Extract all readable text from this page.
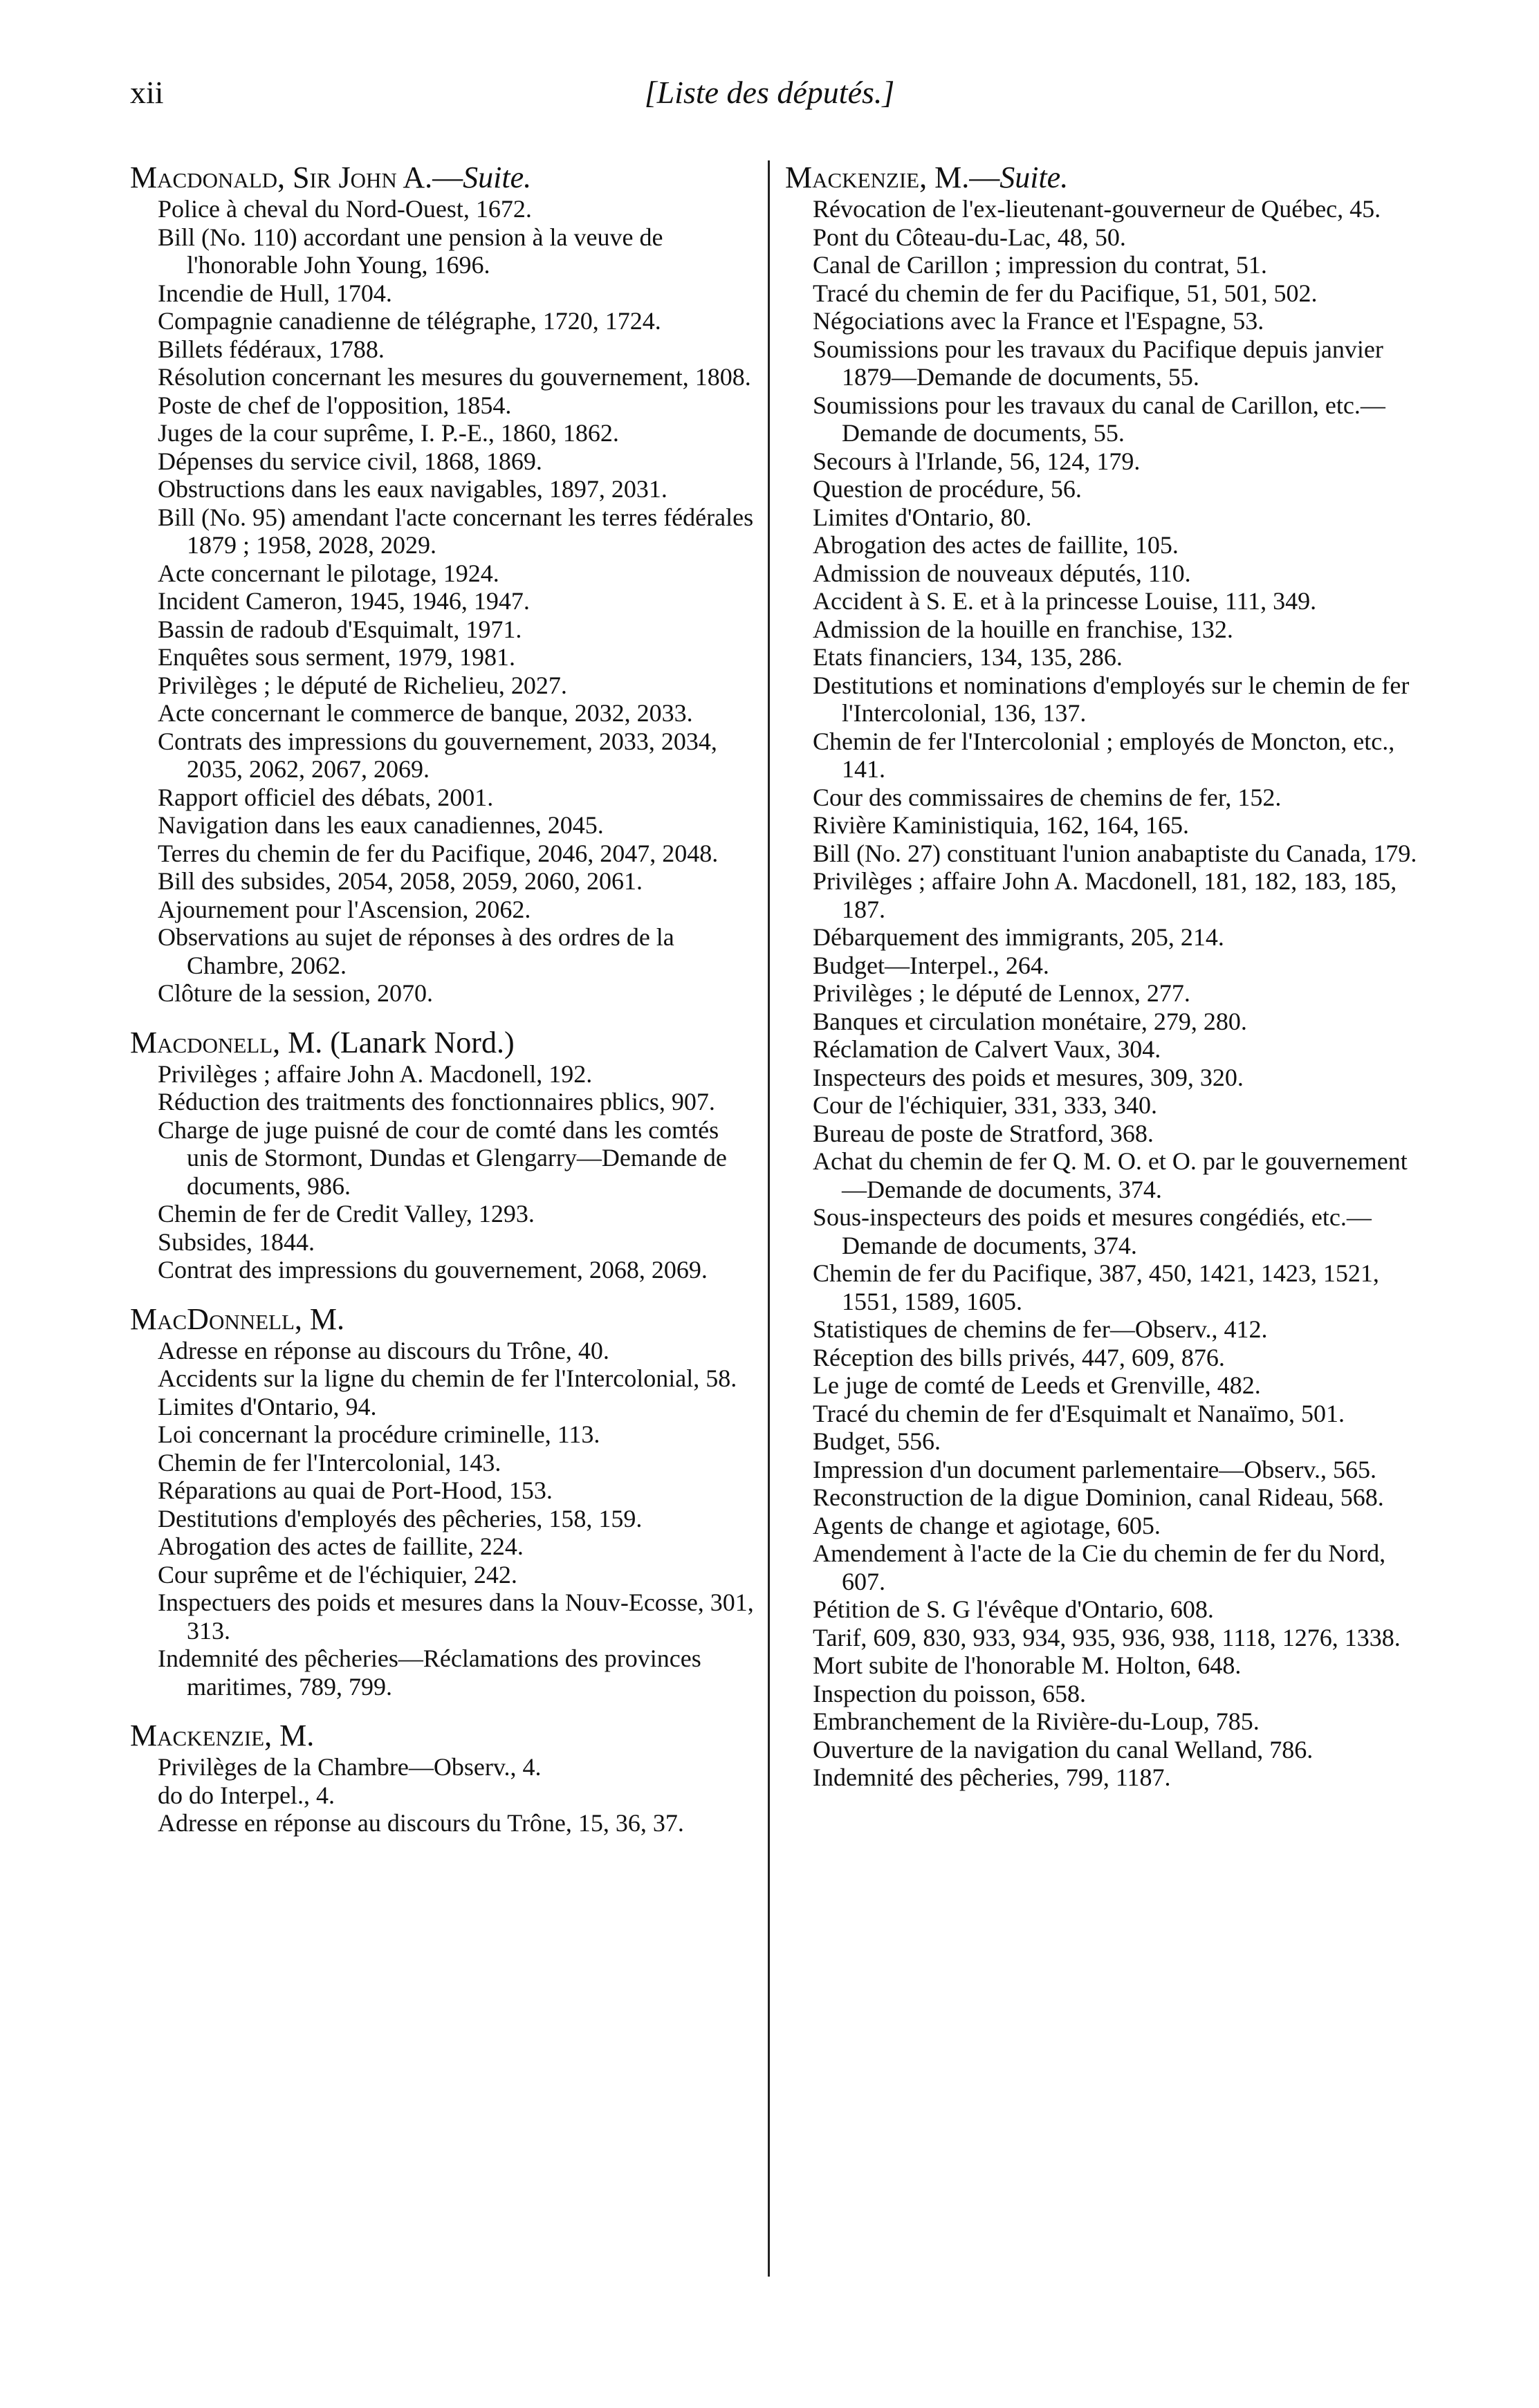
xii	[Liste des députés.]
Macdonald, Sir John A.—Suite.
Police à cheval du Nord-Ouest, 1672.
Bill (No. 110) accordant une pension à la veuve de l'honorable John Young, 1696.
Incendie de Hull, 1704.
Compagnie canadienne de télégraphe, 1720, 1724.
Billets fédéraux, 1788.
Résolution concernant les mesures du gouvernement, 1808.
Poste de chef de l'opposition, 1854.
Juges de la cour suprême, I. P.-E., 1860, 1862.
Dépenses du service civil, 1868, 1869.
Obstructions dans les eaux navigables, 1897, 2031.
Bill (No. 95) amendant l'acte concernant les terres fédérales 1879 ; 1958, 2028, 2029.
Acte concernant le pilotage, 1924.
Incident Cameron, 1945, 1946, 1947.
Bassin de radoub d'Esquimalt, 1971.
Enquêtes sous serment, 1979, 1981.
Privilèges ; le député de Richelieu, 2027.
Acte concernant le commerce de banque, 2032, 2033.
Contrats des impressions du gouvernement, 2033, 2034, 2035, 2062, 2067, 2069.
Rapport officiel des débats, 2001.
Navigation dans les eaux canadiennes, 2045.
Terres du chemin de fer du Pacifique, 2046, 2047, 2048.
Bill des subsides, 2054, 2058, 2059, 2060, 2061.
Ajournement pour l'Ascension, 2062.
Observations au sujet de réponses à des ordres de la Chambre, 2062.
Clôture de la session, 2070.
Macdonell, M. (Lanark Nord.)
Privilèges ; affaire John A. Macdonell, 192.
Réduction des traitments des fonctionnaires pblics, 907.
Charge de juge puisné de cour de comté dans les comtés unis de Stormont, Dundas et Glengarry—Demande de documents, 986.
Chemin de fer de Credit Valley, 1293.
Subsides, 1844.
Contrat des impressions du gouvernement, 2068, 2069.
MacDonnell, M.
Adresse en réponse au discours du Trône, 40.
Accidents sur la ligne du chemin de fer l'Intercolonial, 58.
Limites d'Ontario, 94.
Loi concernant la procédure criminelle, 113.
Chemin de fer l'Intercolonial, 143.
Réparations au quai de Port-Hood, 153.
Destitutions d'employés des pêcheries, 158, 159.
Abrogation des actes de faillite, 224.
Cour suprême et de l'échiquier, 242.
Inspectuers des poids et mesures dans la Nouv-Ecosse, 301, 313.
Indemnité des pêcheries—Réclamations des provinces maritimes, 789, 799.
Mackenzie, M.
Privilèges de la Chambre—Observ., 4.
do do Interpel., 4.
Adresse en réponse au discours du Trône, 15, 36, 37.
Mackenzie, M.—Suite.
Révocation de l'ex-lieutenant-gouverneur de Québec, 45.
Pont du Côteau-du-Lac, 48, 50.
Canal de Carillon ; impression du contrat, 51.
Tracé du chemin de fer du Pacifique, 51, 501, 502.
Négociations avec la France et l'Espagne, 53.
Soumissions pour les travaux du Pacifique depuis janvier 1879—Demande de documents, 55.
Soumissions pour les travaux du canal de Carillon, etc.—Demande de documents, 55.
Secours à l'Irlande, 56, 124, 179.
Question de procédure, 56.
Limites d'Ontario, 80.
Abrogation des actes de faillite, 105.
Admission de nouveaux députés, 110.
Accident à S. E. et à la princesse Louise, 111, 349.
Admission de la houille en franchise, 132.
Etats financiers, 134, 135, 286.
Destitutions et nominations d'employés sur le chemin de fer l'Intercolonial, 136, 137.
Chemin de fer l'Intercolonial ; employés de Moncton, etc., 141.
Cour des commissaires de chemins de fer, 152.
Rivière Kaministiquia, 162, 164, 165.
Bill (No. 27) constituant l'union anabaptiste du Canada, 179.
Privilèges ; affaire John A. Macdonell, 181, 182, 183, 185, 187.
Débarquement des immigrants, 205, 214.
Budget—Interpel., 264.
Privilèges ; le député de Lennox, 277.
Banques et circulation monétaire, 279, 280.
Réclamation de Calvert Vaux, 304.
Inspecteurs des poids et mesures, 309, 320.
Cour de l'échiquier, 331, 333, 340.
Bureau de poste de Stratford, 368.
Achat du chemin de fer Q. M. O. et O. par le gouvernement—Demande de documents, 374.
Sous-inspecteurs des poids et mesures congédiés, etc.—Demande de documents, 374.
Chemin de fer du Pacifique, 387, 450, 1421, 1423, 1521, 1551, 1589, 1605.
Statistiques de chemins de fer—Observ., 412.
Réception des bills privés, 447, 609, 876.
Le juge de comté de Leeds et Grenville, 482.
Tracé du chemin de fer d'Esquimalt et Nanaïmo, 501.
Budget, 556.
Impression d'un document parlementaire—Observ., 565.
Reconstruction de la digue Dominion, canal Rideau, 568.
Agents de change et agiotage, 605.
Amendement à l'acte de la Cie du chemin de fer du Nord, 607.
Pétition de S. G l'évêque d'Ontario, 608.
Tarif, 609, 830, 933, 934, 935, 936, 938, 1118, 1276, 1338.
Mort subite de l'honorable M. Holton, 648.
Inspection du poisson, 658.
Embranchement de la Rivière-du-Loup, 785.
Ouverture de la navigation du canal Welland, 786.
Indemnité des pêcheries, 799, 1187.
